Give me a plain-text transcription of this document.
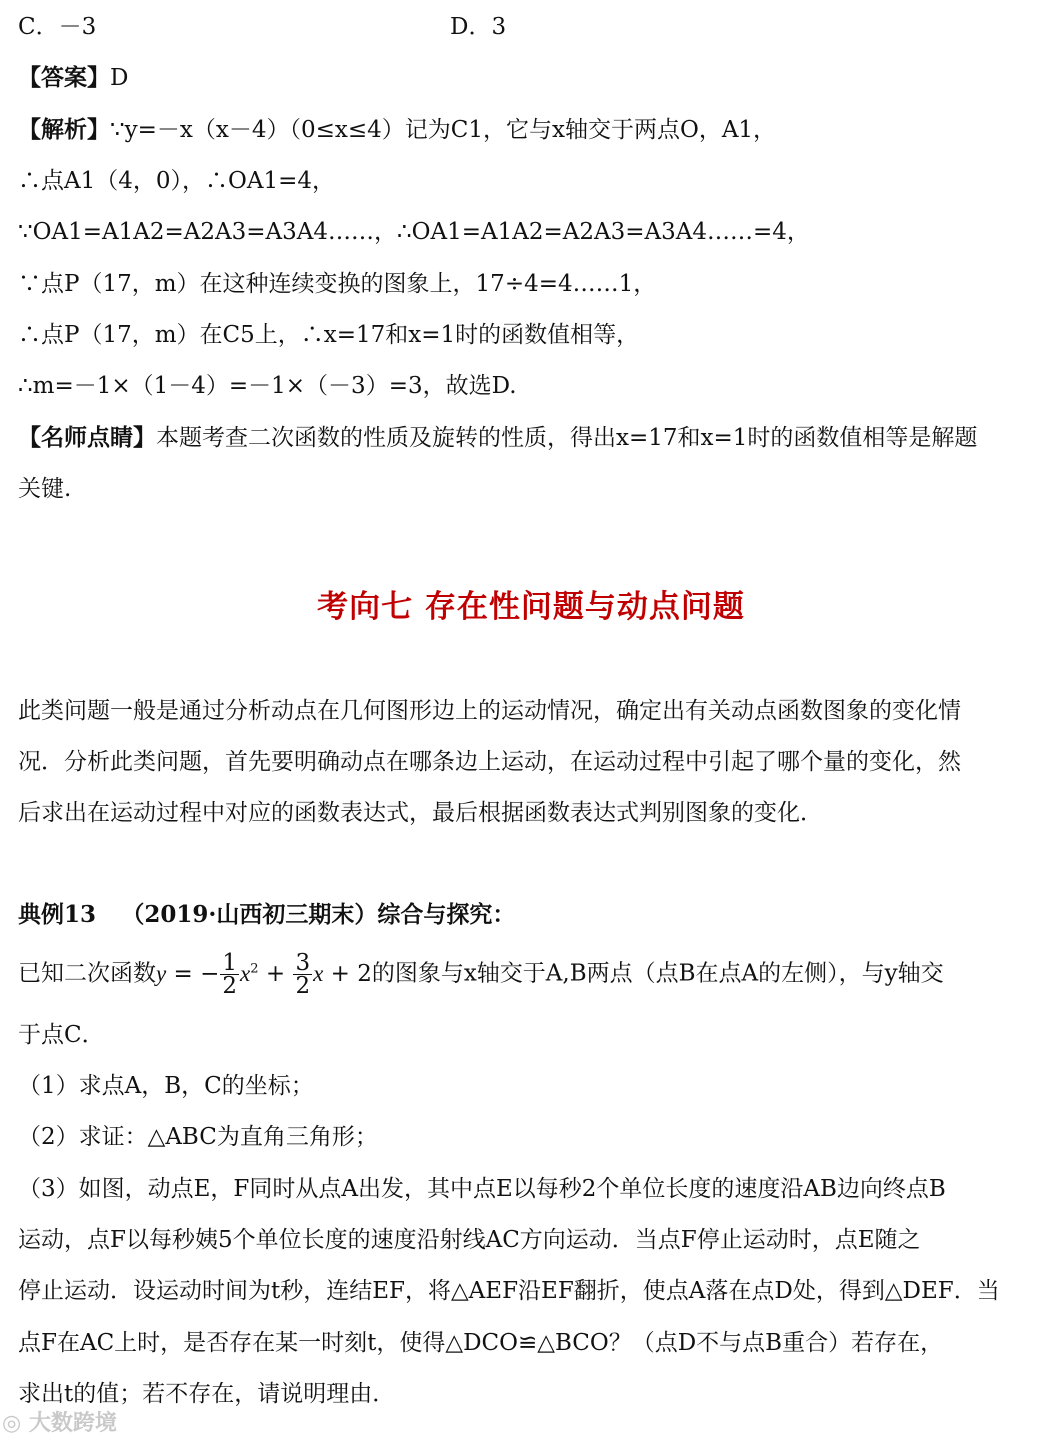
C．－3	D．3
【答案】D
【解析】∵y=－x（x－4）（0≤x≤4）记为C1，它与x轴交于两点O，A1，
∴点A1（4，0），∴OA1=4，
∵OA1=A1A2=A2A3=A3A4……，∴OA1=A1A2=A2A3=A3A4……=4，
∵点P（17，m）在这种连续变换的图象上，17÷4=4……1，
∴点P（17，m）在C5上，∴x=17和x=1时的函数值相等，
∴m=－1×（1－4）=－1×（－3）=3，故选D.
【名师点睛】本题考查二次函数的性质及旋转的性质，得出x=17和x=1时的函数值相等是解题
关键.
考向七 存在性问题与动点问题
此类问题一般是通过分析动点在几何图形边上的运动情况，确定出有关动点函数图象的变化情
况．分析此类问题，首先要明确动点在哪条边上运动，在运动过程中引起了哪个量的变化，然
后求出在运动过程中对应的函数表达式，最后根据函数表达式判别图象的变化．
典例13 （2019·山西初三期末）综合与探究：
已知二次函数y = − $\frac{1}{2} x^2 + \frac{3}{2}$ x + 2的图象与x轴交于A,B两点（点B在点A的左侧），与y轴交
于点C．
（1）求点A，B，C的坐标；
（2）求证：△ABC为直角三角形；
（3）如图，动点E，F同时从点A出发，其中点E以每秒2个单位长度的速度沿AB边向终点B
运动，点F以每秒姨5个单位长度的速度沿射线AC方向运动．当点F停止运动时，点E随之
停止运动．设运动时间为t秒，连结EF，将△AEF沿EF翻折，使点A落在点D处，得到△DEF．当
点F在AC上时，是否存在某一时刻t，使得△DCO≌△BCO？（点D不与点B重合）若存在，
求出t的值；若不存在，请说明理由．
◎ 大数跨境
